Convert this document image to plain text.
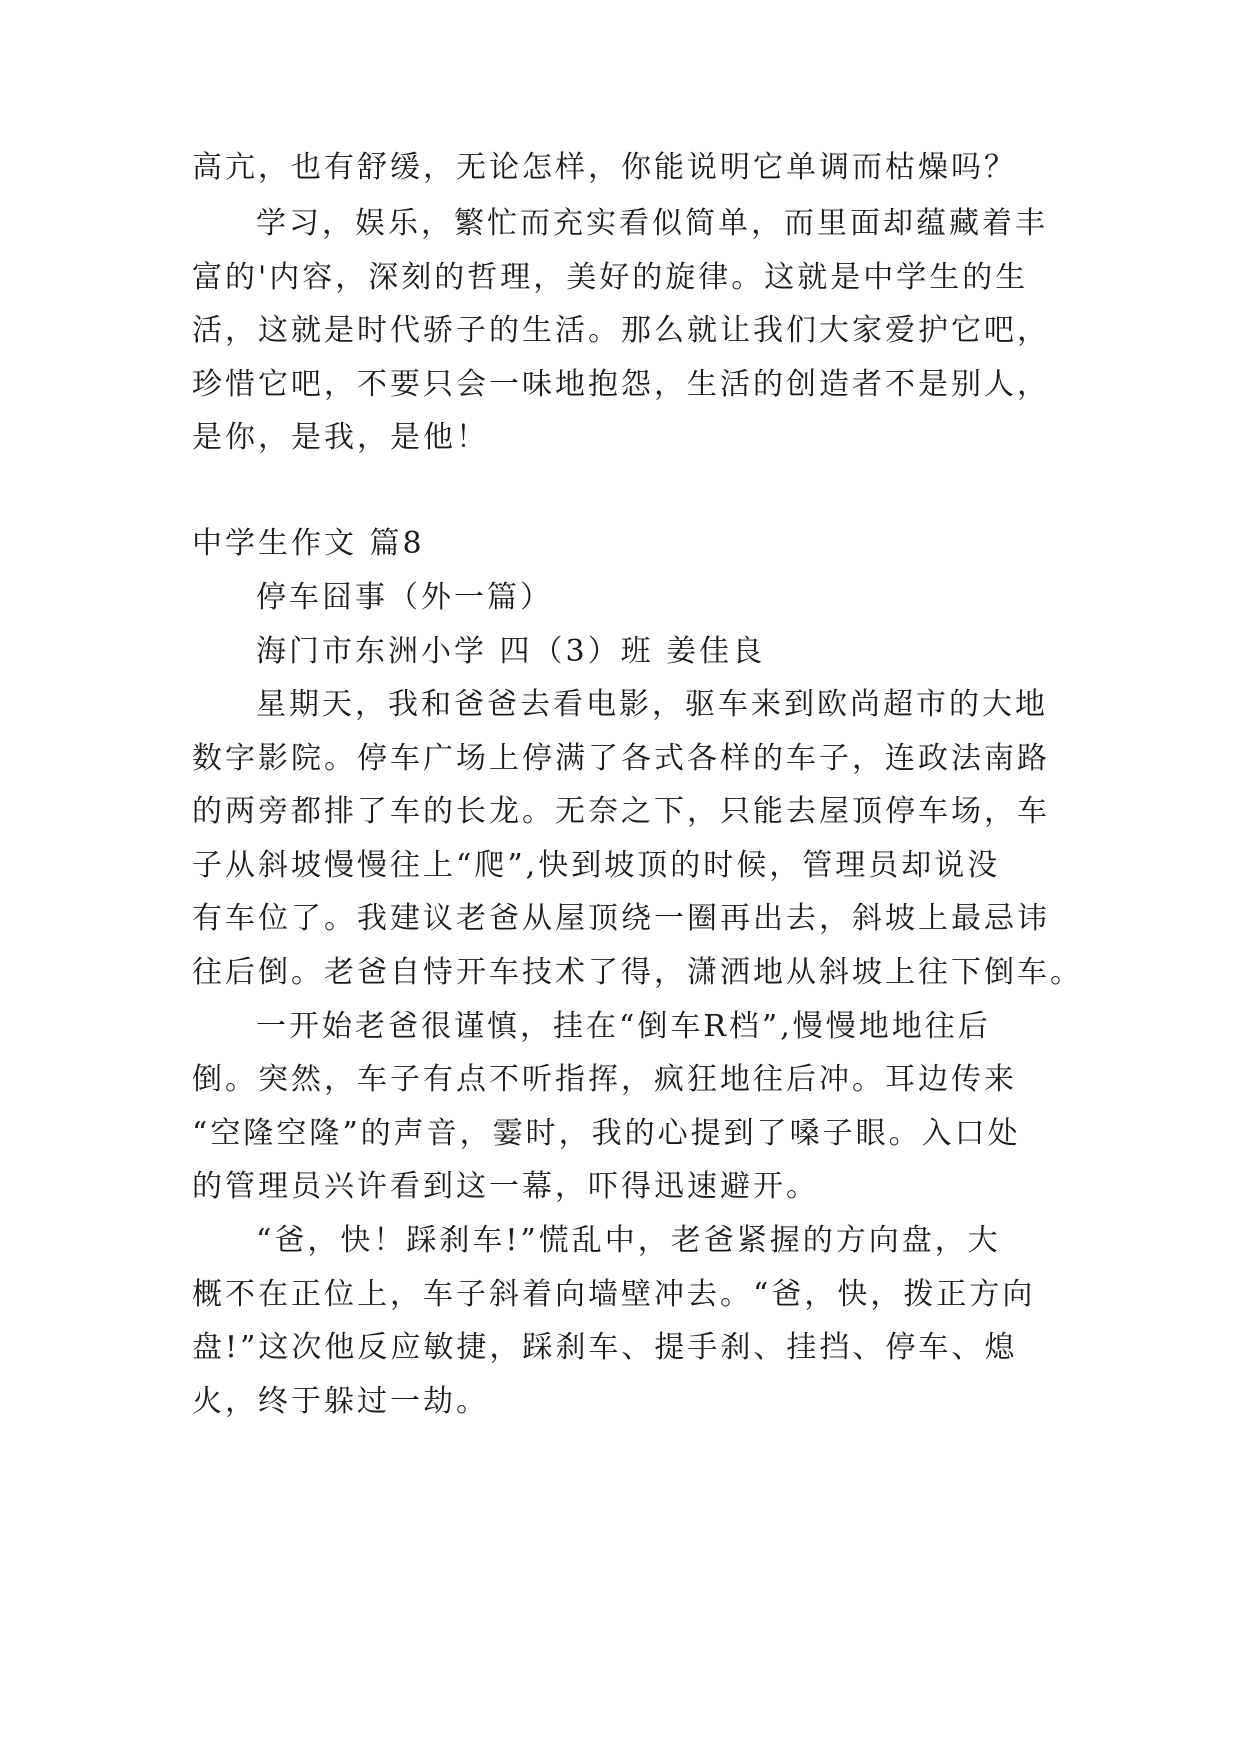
高亢，也有舒缓，无论怎样，你能说明它单调而枯燥吗？
学习，娱乐，繁忙而充实看似简单，而里面却蕴藏着丰
富的'内容，深刻的哲理，美好的旋律。这就是中学生的生
活，这就是时代骄子的生活。那么就让我们大家爱护它吧，
珍惜它吧，不要只会一味地抱怨，生活的创造者不是别人，
是你，是我，是他！
中学生作文 篇8
停车囧事（外一篇）
海门市东洲小学 四（3）班 姜佳良
星期天，我和爸爸去看电影，驱车来到欧尚超市的大地
数字影院。停车广场上停满了各式各样的车子，连政法南路
的两旁都排了车的长龙。无奈之下，只能去屋顶停车场，车
子从斜坡慢慢往上“爬”,快到坡顶的时候，管理员却说没
有车位了。我建议老爸从屋顶绕一圈再出去，斜坡上最忌讳
往后倒。老爸自恃开车技术了得，潇洒地从斜坡上往下倒车。
一开始老爸很谨慎，挂在“倒车R档”,慢慢地地往后
倒。突然，车子有点不听指挥，疯狂地往后冲。耳边传来
“空隆空隆”的声音，霎时，我的心提到了嗓子眼。入口处
的管理员兴许看到这一幕，吓得迅速避开。
“爸，快！踩刹车!”慌乱中，老爸紧握的方向盘，大
概不在正位上，车子斜着向墙壁冲去。“爸，快，拨正方向
盘!”这次他反应敏捷，踩刹车、提手刹、挂挡、停车、熄
火，终于躲过一劫。
